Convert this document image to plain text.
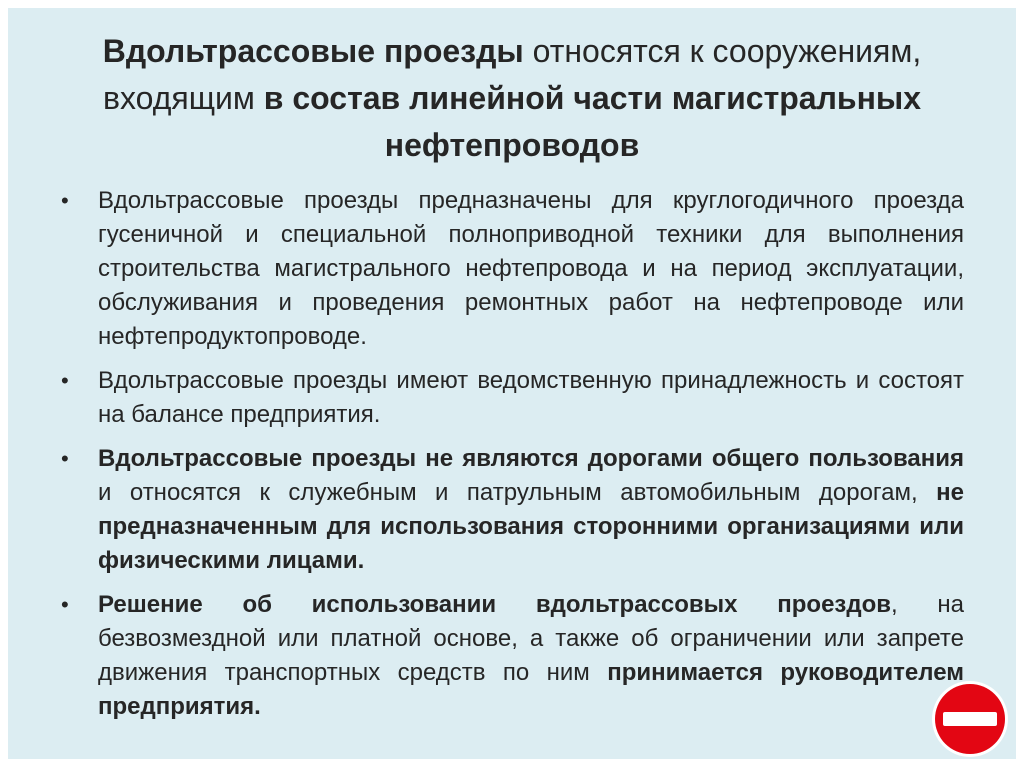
Вдольтрассовые проезды относятся к сооружениям, входящим в состав линейной части магистральных нефтепроводов
• Вдольтрассовые проезды предназначены для круглогодичного проезда гусеничной и специальной полноприводной техники для выполнения строительства магистрального нефтепровода и на период эксплуатации, обслуживания и проведения ремонтных работ на нефтепроводе или нефтепродуктопроводе.
• Вдольтрассовые проезды имеют ведомственную принадлежность и состоят на балансе предприятия.
• Вдольтрассовые проезды не являются дорогами общего пользования и относятся к служебным и патрульным автомобильным дорогам, не предназначенным для использования сторонними организациями или физическими лицами.
• Решение об использовании вдольтрассовых проездов, на безвозмездной или платной основе, а также об ограничении или запрете движения транспортных средств по ним принимается руководителем предприятия.
